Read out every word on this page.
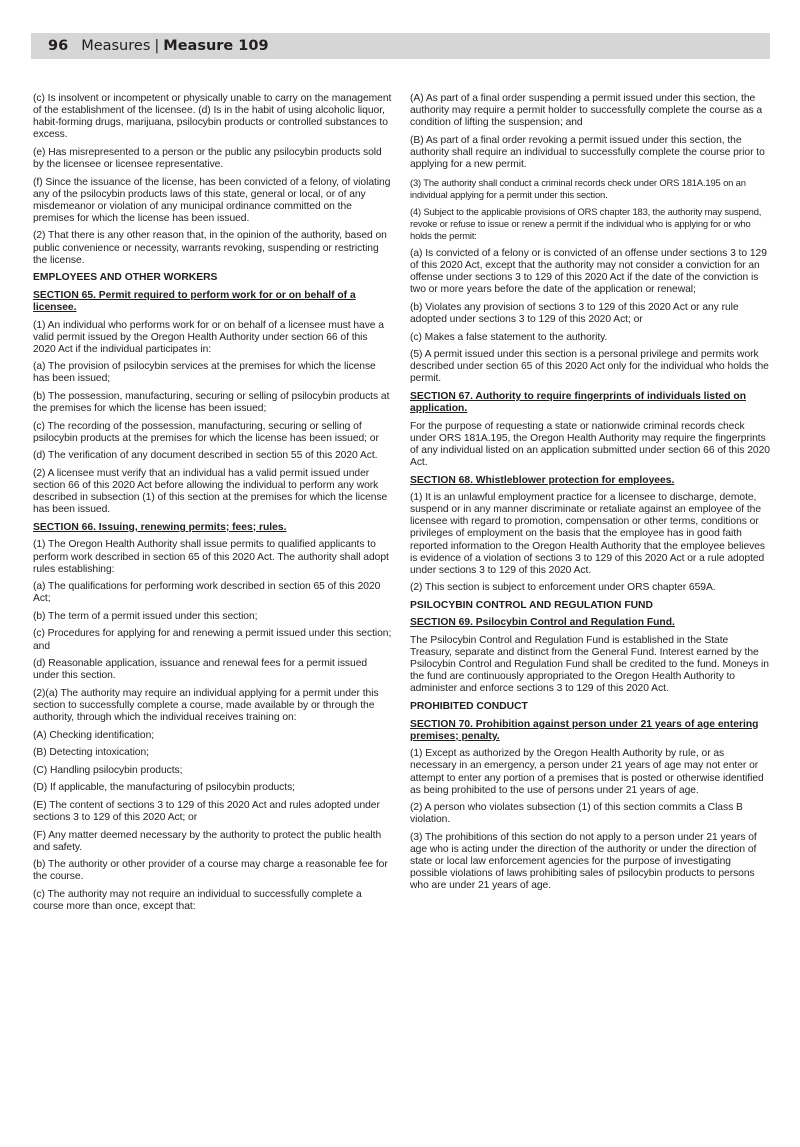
96 Measures | Measure 109

(c) Is insolvent or incompetent or physically unable to carry on the management of the establishment of the licensee. (d) Is in the habit of using alcoholic liquor, habit-forming drugs, marijuana, psilocybin products or controlled substances to excess.

(e) Has misrepresented to a person or the public any psilocybin products sold by the licensee or licensee representative.

(f) Since the issuance of the license, has been convicted of a felony, of violating any of the psilocybin products laws of this state, general or local, or of any misdemeanor or violation of any municipal ordinance committed on the premises for which the license has been issued.

(2) That there is any other reason that, in the opinion of the authority, based on public convenience or necessity, warrants revoking, suspending or restricting the license.

EMPLOYEES AND OTHER WORKERS
SECTION 65. Permit required to perform work for or on behalf of a licensee.

(1) An individual who performs work for or on behalf of a licensee must have a valid permit issued by the Oregon Health Authority under section 66 of this 2020 Act if the individual participates in:

(a) The provision of psilocybin services at the premises for which the license has been issued;

(b) The possession, manufacturing, securing or selling of psilocybin products at the premises for which the license has been issued;

(c) The recording of the possession, manufacturing, securing or selling of psilocybin products at the premises for which the license has been issued; or

(d) The verification of any document described in section 55 of this 2020 Act.

(2) A licensee must verify that an individual has a valid permit issued under section 66 of this 2020 Act before allowing the individual to perform any work described in subsection (1) of this section at the premises for which the license has been issued.

SECTION 66. Issuing, renewing permits; fees; rules.

(1) The Oregon Health Authority shall issue permits to qualified applicants to perform work described in section 65 of this 2020 Act. The authority shall adopt rules establishing:

(a) The qualifications for performing work described in section 65 of this 2020 Act;

(b) The term of a permit issued under this section;

(c) Procedures for applying for and renewing a permit issued under this section; and

(d) Reasonable application, issuance and renewal fees for a permit issued under this section.

(2)(a) The authority may require an individual applying for a permit under this section to successfully complete a course, made available by or through the authority, through which the individual receives training on:

(A) Checking identification;

(B) Detecting intoxication;

(C) Handling psilocybin products;

(D) If applicable, the manufacturing of psilocybin products;

(E) The content of sections 3 to 129 of this 2020 Act and rules adopted under sections 3 to 129 of this 2020 Act; or

(F) Any matter deemed necessary by the authority to protect the public health and safety.

(b) The authority or other provider of a course may charge a reasonable fee for the course.

(c) The authority may not require an individual to successfully complete a course more than once, except that:

(A) As part of a final order suspending a permit issued under this section, the authority may require a permit holder to successfully complete the course as a condition of lifting the suspension; and

(B) As part of a final order revoking a permit issued under this section, the authority shall require an individual to successfully complete the course prior to applying for a new permit.

(3) The authority shall conduct a criminal records check under ORS 181A.195 on an individual applying for a permit under this section.

(4) Subject to the applicable provisions of ORS chapter 183, the authority may suspend, revoke or refuse to issue or renew a permit if the individual who is applying for or who holds the permit:

(a) Is convicted of a felony or is convicted of an offense under sections 3 to 129 of this 2020 Act, except that the authority may not consider a conviction for an offense under sections 3 to 129 of this 2020 Act if the date of the conviction is two or more years before the date of the application or renewal;

(b) Violates any provision of sections 3 to 129 of this 2020 Act or any rule adopted under sections 3 to 129 of this 2020 Act; or

(c) Makes a false statement to the authority.

(5) A permit issued under this section is a personal privilege and permits work described under section 65 of this 2020 Act only for the individual who holds the permit.

SECTION 67. Authority to require fingerprints of individuals listed on application.

For the purpose of requesting a state or nationwide criminal records check under ORS 181A.195, the Oregon Health Authority may require the fingerprints of any individual listed on an application submitted under section 66 of this 2020 Act.

SECTION 68. Whistleblower protection for employees.

(1) It is an unlawful employment practice for a licensee to discharge, demote, suspend or in any manner discriminate or retaliate against an employee of the licensee with regard to promotion, compensation or other terms, conditions or privileges of employment on the basis that the employee has in good faith reported information to the Oregon Health Authority that the employee believes is evidence of a violation of sections 3 to 129 of this 2020 Act or a rule adopted under sections 3 to 129 of this 2020 Act.

(2) This section is subject to enforcement under ORS chapter 659A.

PSILOCYBIN CONTROL AND REGULATION FUND
SECTION 69. Psilocybin Control and Regulation Fund.

The Psilocybin Control and Regulation Fund is established in the State Treasury, separate and distinct from the General Fund. Interest earned by the Psilocybin Control and Regulation Fund shall be credited to the fund. Moneys in the fund are continuously appropriated to the Oregon Health Authority to administer and enforce sections 3 to 129 of this 2020 Act.

PROHIBITED CONDUCT
SECTION 70. Prohibition against person under 21 years of age entering premises; penalty.

(1) Except as authorized by the Oregon Health Authority by rule, or as necessary in an emergency, a person under 21 years of age may not enter or attempt to enter any portion of a premises that is posted or otherwise identified as being prohibited to the use of persons under 21 years of age.

(2) A person who violates subsection (1) of this section commits a Class B violation.

(3) The prohibitions of this section do not apply to a person under 21 years of age who is acting under the direction of the authority or under the direction of state or local law enforcement agencies for the purpose of investigating possible violations of laws prohibiting sales of psilocybin products to persons who are under 21 years of age.
